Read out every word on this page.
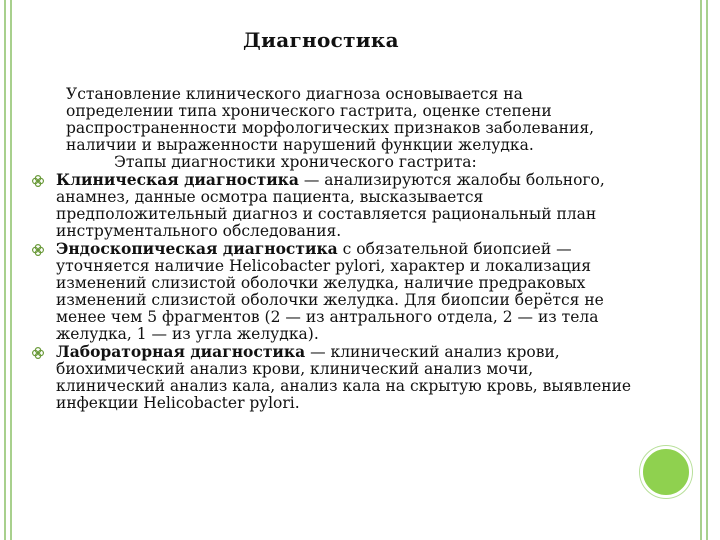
Диагностика

Установление клинического диагноза основывается на определении типа хронического гастрита, оценке степени распространенности морфологических признаков заболевания, наличии и выраженности нарушений функции желудка.

Этапы диагностики хронического гастрита:

Клиническая диагностика — анализируются жалобы больного, анамнез, данные осмотра пациента, высказывается предположительный диагноз и составляется рациональный план инструментального обследования.

Эндоскопическая диагностика с обязательной биопсией — уточняется наличие Helicobacter pylori, характер и локализация изменений слизистой оболочки желудка, наличие предраковых изменений слизистой оболочки желудка. Для биопсии берётся не менее чем 5 фрагментов (2 — из антрального отдела, 2 — из тела желудка, 1 — из угла желудка).

Лабораторная диагностика — клинический анализ крови, биохимический анализ крови, клинический анализ мочи, клинический анализ кала, анализ кала на скрытую кровь, выявление инфекции Helicobacter pylori.
